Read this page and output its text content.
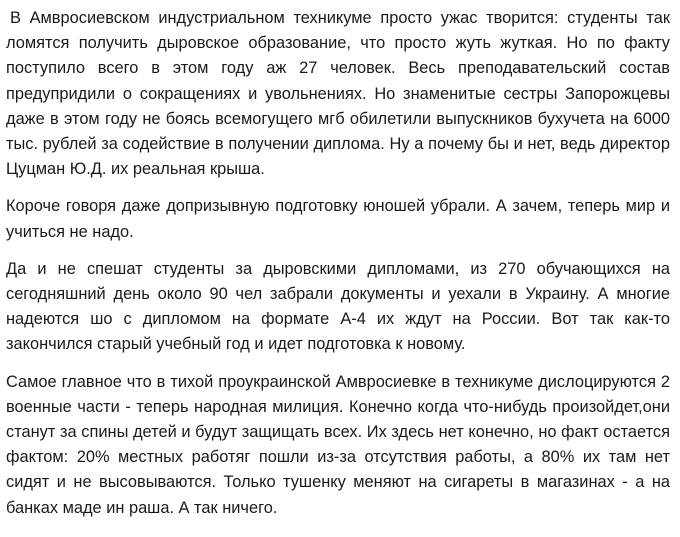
В Амвросиевском индустриальном техникуме просто ужас творится: студенты так ломятся получить дыровское образование, что просто жуть жуткая. Но по факту поступило всего в этом году аж 27 человек. Весь преподавательский состав предупридили о сокращениях и увольнениях. Но знаменитые сестры Запорожцевы даже в этом году не боясь всемогущего мгб обилетили выпускников бухучета на 6000 тыс. рублей за содействие в получении диплома. Ну а почему бы и нет, ведь директор Цуцман Ю.Д. их реальная крыша.

Короче говоря даже допризывную подготовку юношей убрали. А зачем, теперь мир и учиться не надо.

Да и не спешат студенты за дыровскими дипломами, из 270 обучающихся на сегодняшний день около 90 чел забрали документы и уехали в Украину. А многие надеются шо с дипломом на формате А-4 их ждут на России. Вот так как-то закончился старый учебный год и идет подготовка к новому.

Самое главное что в тихой проукраинской Амвросиевке в техникуме дислоцируются 2 военные части - теперь народная милиция. Конечно когда что-нибудь произойдет,они станут за спины детей и будут защищать всех. Их здесь нет конечно, но факт остается фактом: 20% местных работяг пошли из-за отсутствия работы, а 80% их там нет сидят и не высовываются. Только тушенку меняют на сигареты в магазинах - а на банках маде ин раша. А так ничего.
